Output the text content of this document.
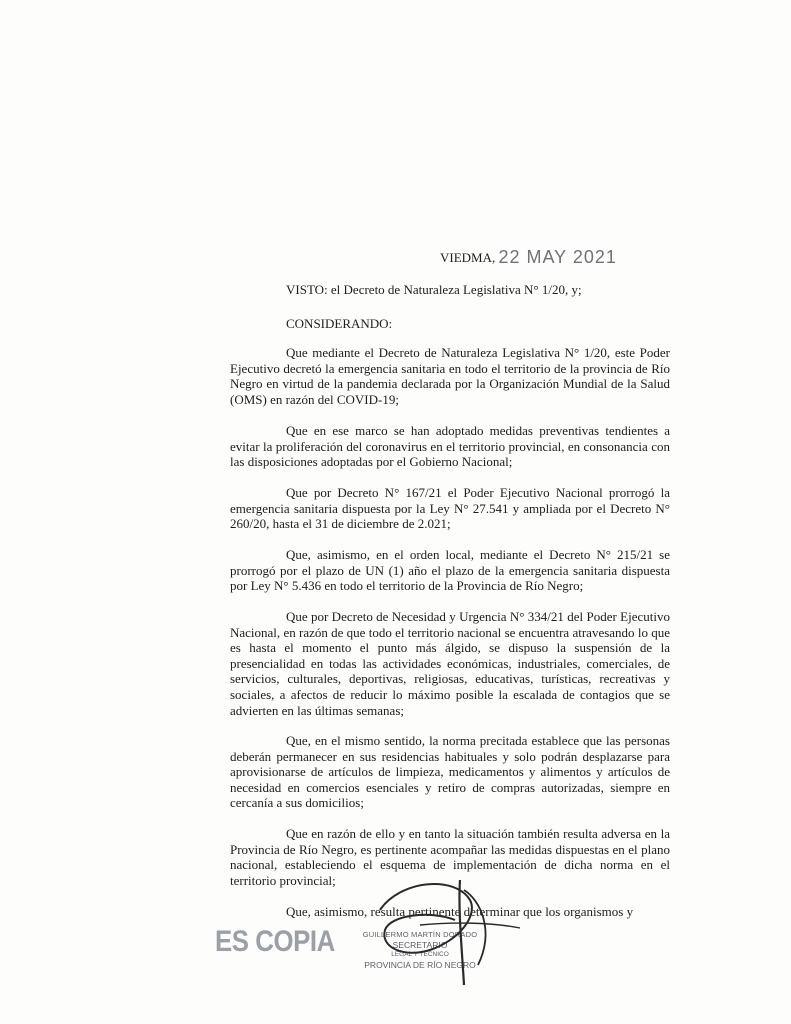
VIEDMA, 22 MAY 2021
VISTO: el Decreto de Naturaleza Legislativa N° 1/20, y;
CONSIDERANDO:

Que mediante el Decreto de Naturaleza Legislativa N° 1/20, este Poder Ejecutivo decretó la emergencia sanitaria en todo el territorio de la provincia de Río Negro en virtud de la pandemia declarada por la Organización Mundial de la Salud (OMS) en razón del COVID-19;

Que en ese marco se han adoptado medidas preventivas tendientes a evitar la proliferación del coronavirus en el territorio provincial, en consonancia con las disposiciones adoptadas por el Gobierno Nacional;

Que por Decreto N° 167/21 el Poder Ejecutivo Nacional prorrogó la emergencia sanitaria dispuesta por la Ley N° 27.541 y ampliada por el Decreto N° 260/20, hasta el 31 de diciembre de 2.021;

Que, asimismo, en el orden local, mediante el Decreto N° 215/21 se prorrogó por el plazo de UN (1) año el plazo de la emergencia sanitaria dispuesta por Ley N° 5.436 en todo el territorio de la Provincia de Río Negro;

Que por Decreto de Necesidad y Urgencia N° 334/21 del Poder Ejecutivo Nacional, en razón de que todo el territorio nacional se encuentra atravesando lo que es hasta el momento el punto más álgido, se dispuso la suspensión de la presencialidad en todas las actividades económicas, industriales, comerciales, de servicios, culturales, deportivas, religiosas, educativas, turísticas, recreativas y sociales, a afectos de reducir lo máximo posible la escalada de contagios que se advierten en las últimas semanas;

Que, en el mismo sentido, la norma precitada establece que las personas deberán permanecer en sus residencias habituales y solo podrán desplazarse para aprovisionarse de artículos de limpieza, medicamentos y alimentos y artículos de necesidad en comercios esenciales y retiro de compras autorizadas, siempre en cercanía a sus domicilios;

Que en razón de ello y en tanto la situación también resulta adversa en la Provincia de Río Negro, es pertinente acompañar las medidas dispuestas en el plano nacional, estableciendo el esquema de implementación de dicha norma en el territorio provincial;

Que, asimismo, resulta pertinente determinar que los organismos y

ES COPIA	GUILLERMO MARTÍN DORADO
SECRETARIO
LEGAL Y TÉCNICO
PROVINCIA DE RÍO NEGRO
